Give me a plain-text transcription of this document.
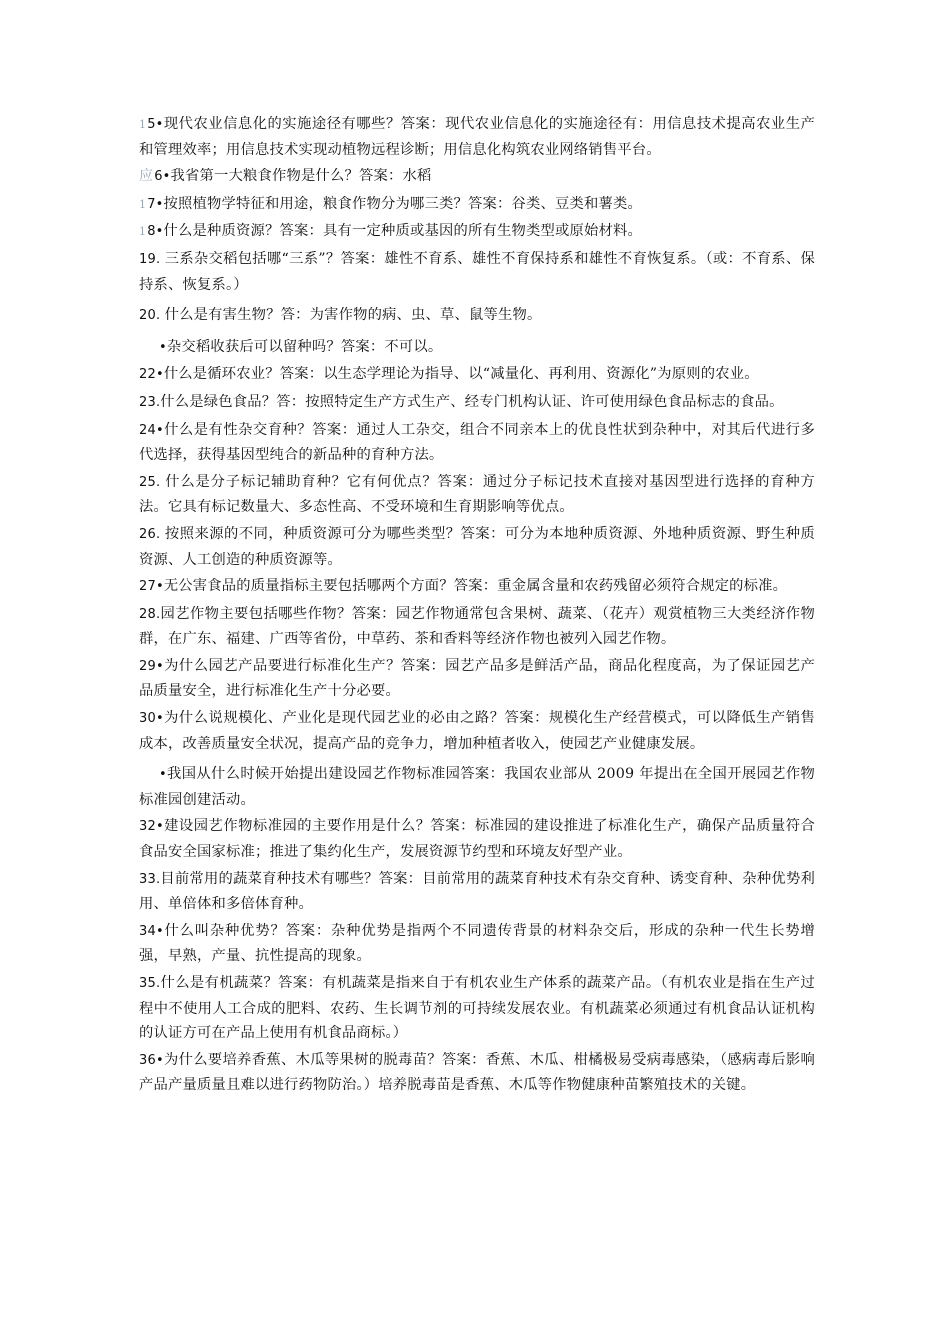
15•现代农业信息化的实施途径有哪些？答案：现代农业信息化的实施途径有：用信息技术提高农业生产和管理效率；用信息技术实现动植物远程诊断；用信息化构筑农业网络销售平台。

应6•我省第一大粮食作物是什么？答案：水稻

17•按照植物学特征和用途，粮食作物分为哪三类？答案：谷类、豆类和薯类。

18•什么是种质资源？答案：具有一定种质或基因的所有生物类型或原始材料。

19. 三系杂交稻包括哪“三系”？答案：雄性不育系、雄性不育保持系和雄性不育恢复系。（或：不育系、保持系、恢复系。）

20. 什么是有害生物？答：为害作物的病、虫、草、鼠等生物。

•杂交稻收获后可以留种吗？答案：不可以。

22•什么是循环农业？答案：以生态学理论为指导、以“减量化、再利用、资源化”为原则的农业。

23.什么是绿色食品？答：按照特定生产方式生产、经专门机构认证、许可使用绿色食品标志的食品。

24•什么是有性杂交育种？答案：通过人工杂交，组合不同亲本上的优良性状到杂种中，对其后代进行多代选择，获得基因型纯合的新品种的育种方法。

25. 什么是分子标记辅助育种？它有何优点？答案：通过分子标记技术直接对基因型进行选择的育种方法。它具有标记数量大、多态性高、不受环境和生育期影响等优点。

26. 按照来源的不同，种质资源可分为哪些类型？答案：可分为本地种质资源、外地种质资源、野生种质资源、人工创造的种质资源等。

27•无公害食品的质量指标主要包括哪两个方面？答案：重金属含量和农药残留必须符合规定的标准。

28.园艺作物主要包括哪些作物？答案：园艺作物通常包含果树、蔬菜、（花卉）观赏植物三大类经济作物群，在广东、福建、广西等省份，中草药、茶和香料等经济作物也被列入园艺作物。

29•为什么园艺产品要进行标准化生产？答案：园艺产品多是鲜活产品，商品化程度高，为了保证园艺产品质量安全，进行标准化生产十分必要。

30•为什么说规模化、产业化是现代园艺业的必由之路？答案：规模化生产经营模式，可以降低生产销售成本，改善质量安全状况，提高产品的竞争力，增加种植者收入，使园艺产业健康发展。

•我国从什么时候开始提出建设园艺作物标准园答案：我国农业部从 2009 年提出在全国开展园艺作物标准园创建活动。

32•建设园艺作物标准园的主要作用是什么？答案：标准园的建设推进了标准化生产，确保产品质量符合食品安全国家标准；推进了集约化生产，发展资源节约型和环境友好型产业。

33.目前常用的蔬菜育种技术有哪些？答案：目前常用的蔬菜育种技术有杂交育种、诱变育种、杂种优势利用、单倍体和多倍体育种。

34•什么叫杂种优势？答案：杂种优势是指两个不同遗传背景的材料杂交后，形成的杂种一代生长势增强，早熟，产量、抗性提高的现象。

35.什么是有机蔬菜？答案：有机蔬菜是指来自于有机农业生产体系的蔬菜产品。（有机农业是指在生产过程中不使用人工合成的肥料、农药、生长调节剂的可持续发展农业。有机蔬菜必须通过有机食品认证机构的认证方可在产品上使用有机食品商标。）

36•为什么要培养香蕉、木瓜等果树的脱毒苗？答案：香蕉、木瓜、柑橘极易受病毒感染，（感病毒后影响产品产量质量且难以进行药物防治。）培养脱毒苗是香蕉、木瓜等作物健康种苗繁殖技术的关键。
